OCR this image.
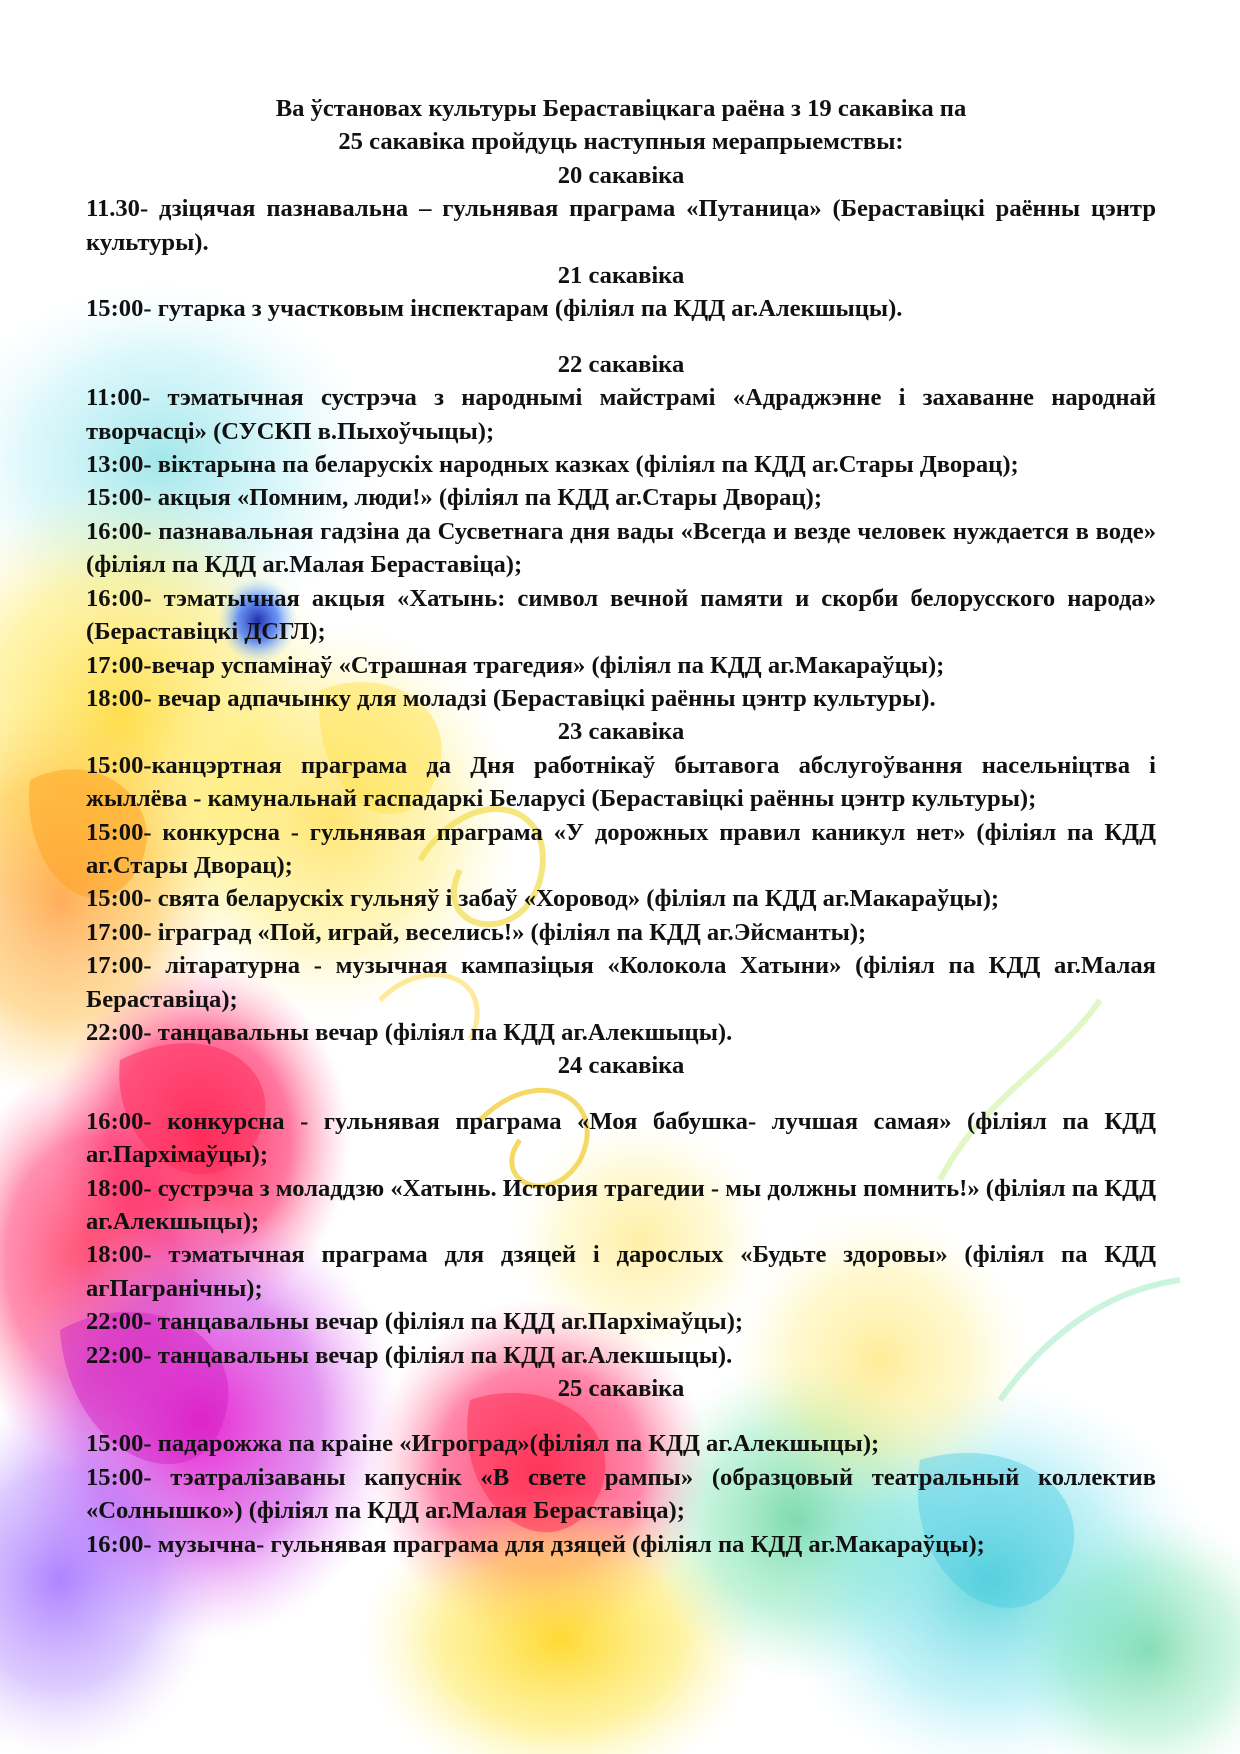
Ва ўстановах культуры Бераставіцкага раёна з 19 сакавіка па
25 сакавіка пройдуць наступныя мерапрыемствы:
20 сакавіка
11.30- дзіцячая пазнавальна – гульнявая праграма «Путаница» (Бераставіцкі раённы цэнтр культуры).
21 сакавіка
15:00- гутарка з участковым інспектарам (філіял па КДД аг.Алекшыцы).
22 сакавіка
11:00- тэматычная сустрэча з народнымі майстрамі «Адраджэнне і захаванне народнай творчасці» (СУСКП в.Пыхоўчыцы);
13:00- віктарына па беларускіх народных казках (філіял па КДД аг.Стары Дворац);
15:00- акцыя «Помним, люди!» (філіял па КДД аг.Стары Дворац);
16:00- пазнавальная гадзіна да Сусветнага дня вады «Всегда и везде человек нуждается в воде» (філіял па КДД аг.Малая Бераставіца);
16:00- тэматычная акцыя «Хатынь: символ вечной памяти и скорби белорусского народа» (Бераставіцкі ДСГЛ);
17:00-вечар успамінаў «Страшная трагедия» (філіял па КДД аг.Макараўцы);
18:00- вечар адпачынку для моладзі (Бераставіцкі раённы цэнтр культуры).
23 сакавіка
15:00-канцэртная праграма да Дня работнікаў бытавога абслугоўвання насельніцтва і жыллёва - камунальнай гаспадаркі Беларусі (Бераставіцкі раённы цэнтр культуры);
15:00- конкурсна - гульнявая праграма «У дорожных правил каникул нет» (філіял па КДД аг.Стары Дворац);
15:00- свята беларускіх гульняў і забаў «Хоровод» (філіял па КДД аг.Макараўцы);
17:00- іграград «Пой, играй, веселись!» (філіял па КДД аг.Эйсманты);
17:00- літаратурна - музычная кампазіцыя «Колокола Хатыни» (філіял па КДД аг.Малая Бераставіца);
22:00- танцавальны вечар (філіял па КДД аг.Алекшыцы).
24 сакавіка
16:00- конкурсна - гульнявая праграма «Моя бабушка- лучшая самая» (філіял па КДД аг.Пархімаўцы);
18:00- сустрэча з моладдзю «Хатынь. История трагедии - мы должны помнить!» (філіял па КДД аг.Алекшыцы);
18:00- тэматычная праграма для дзяцей і дарослых «Будьте здоровы» (філіял па КДД агПагранічны);
22:00- танцавальны вечар (філіял па КДД аг.Пархімаўцы);
22:00- танцавальны вечар (філіял па КДД аг.Алекшыцы).
25 сакавіка
15:00- падарожжа па краіне «Игроград»(філіял па КДД аг.Алекшыцы);
15:00- тэатралізаваны капуснік «В свете рампы» (образцовый театральный коллектив «Солнышко») (філіял па КДД аг.Малая Бераставіца);
16:00- музычна- гульнявая праграма для дзяцей (філіял па КДД аг.Макараўцы);
